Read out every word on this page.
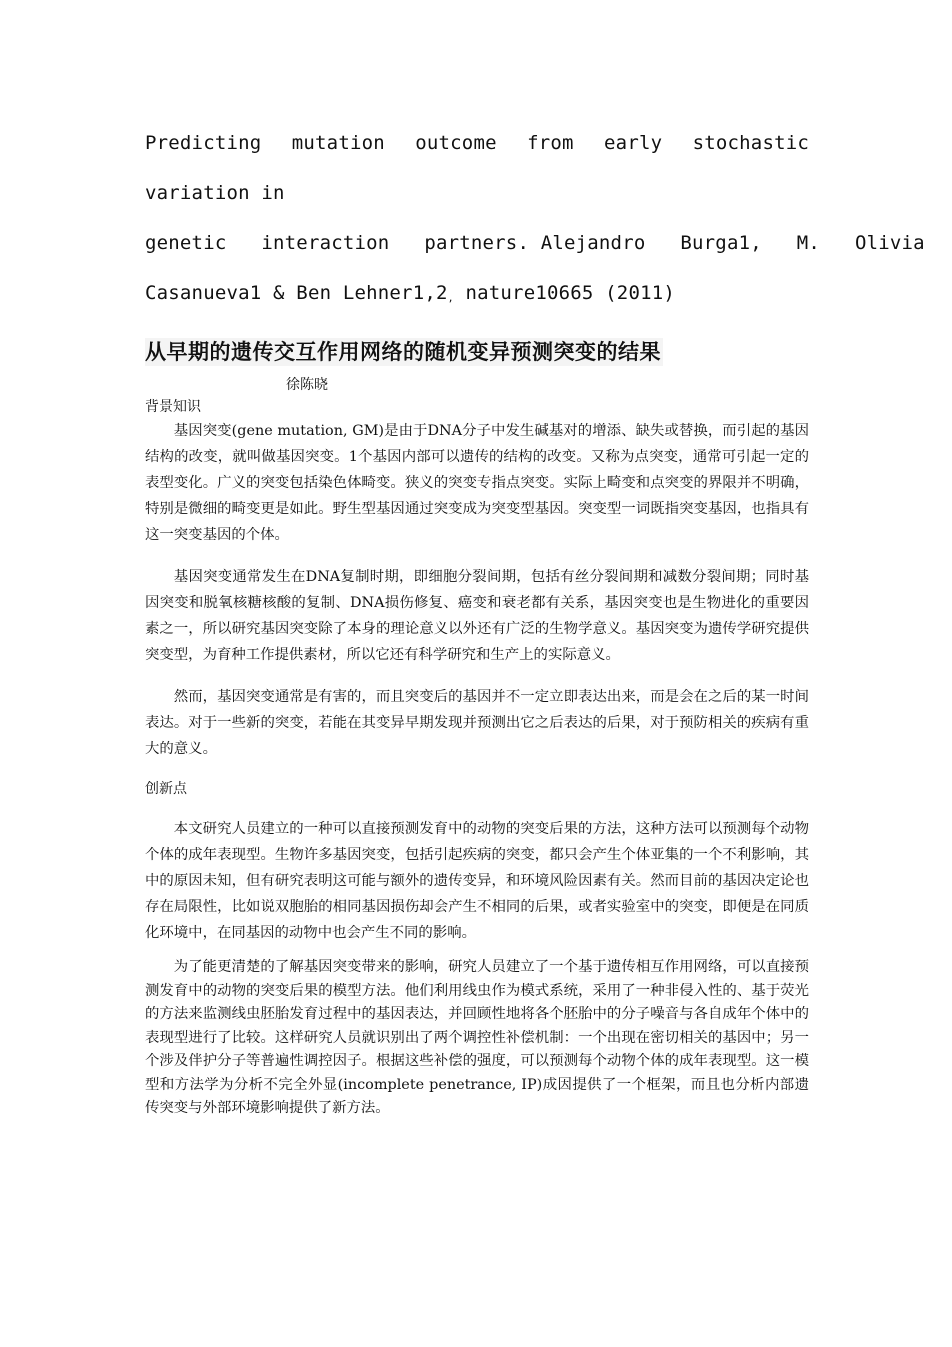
Predicting mutation outcome from early stochastic variation in

genetic   interaction   partners. Alejandro   Burga1,   M.   Olivia

Casanueva1 & Ben $Lehner1,2_,$ nature10665 (2011)

从早期的遗传交互作用网络的随机变异预测突变的结果
徐陈晓
背景知识

基因突变(gene mutation, GM)是由于DNA分子中发生碱基对的增添、缺失或替换，而引起的基因结构的改变，就叫做基因突变。1个基因内部可以遗传的结构的改变。又称为点突变，通常可引起一定的表型变化。广义的突变包括染色体畸变。狭义的突变专指点突变。实际上畸变和点突变的界限并不明确，特别是微细的畸变更是如此。野生型基因通过突变成为突变型基因。突变型一词既指突变基因，也指具有这一突变基因的个体。

基因突变通常发生在DNA复制时期，即细胞分裂间期，包括有丝分裂间期和减数分裂间期；同时基因突变和脱氧核糖核酸的复制、DNA损伤修复、癌变和衰老都有关系，基因突变也是生物进化的重要因素之一，所以研究基因突变除了本身的理论意义以外还有广泛的生物学意义。基因突变为遗传学研究提供突变型，为育种工作提供素材，所以它还有科学研究和生产上的实际意义。

然而，基因突变通常是有害的，而且突变后的基因并不一定立即表达出来，而是会在之后的某一时间表达。对于一些新的突变，若能在其变异早期发现并预测出它之后表达的后果，对于预防相关的疾病有重大的意义。

创新点

本文研究人员建立的一种可以直接预测发育中的动物的突变后果的方法，这种方法可以预测每个动物个体的成年表现型。生物许多基因突变，包括引起疾病的突变，都只会产生个体亚集的一个不利影响，其中的原因未知，但有研究表明这可能与额外的遗传变异，和环境风险因素有关。然而目前的基因决定论也存在局限性，比如说双胞胎的相同基因损伤却会产生不相同的后果，或者实验室中的突变，即便是在同质化环境中，在同基因的动物中也会产生不同的影响。

为了能更清楚的了解基因突变带来的影响，研究人员建立了一个基于遗传相互作用网络，可以直接预测发育中的动物的突变后果的模型方法。他们利用线虫作为模式系统，采用了一种非侵入性的、基于荧光的方法来监测线虫胚胎发育过程中的基因表达，并回顾性地将各个胚胎中的分子噪音与各自成年个体中的表现型进行了比较。这样研究人员就识别出了两个调控性补偿机制：一个出现在密切相关的基因中；另一个涉及伴护分子等普遍性调控因子。根据这些补偿的强度，可以预测每个动物个体的成年表现型。这一模型和方法学为分析不完全外显(incomplete penetrance, IP)成因提供了一个框架，而且也分析内部遗传突变与外部环境影响提供了新方法。
